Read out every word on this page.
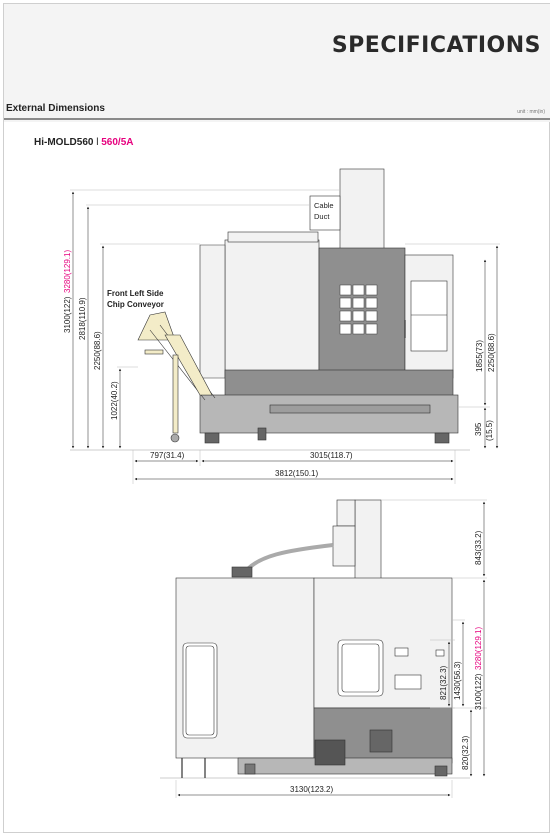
SPECIFICATIONS
External Dimensions	unit : mm(in)
Hi-MOLD560 l 560/5A
Cable
Duct
Front Left Side
Chip Conveyor
3100(122)
3280(129.1)
2818(110.9)
2250(88.6)
1022(40.2)
1855(73) 2250(88.6)
395 (15.5)
797(31.4)	3015(118.7)
3812(150.1)
843(33.2)
1430(56.3)
821(32.3)	3100(122)
3280(129.1)
820(32.3)
3130(123.2)
